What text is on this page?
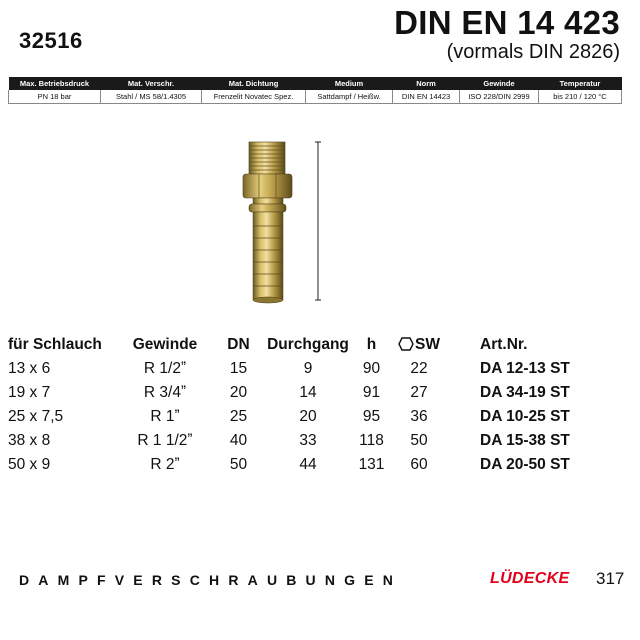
32516	DIN EN 14 423
(vormals DIN 2826)
Max. Betriebsdruck	Mat. Verschr.	Mat. Dichtung	Medium	Norm	Gewinde	Temperatur
PN 18 bar	Stahl / MS 58/1.4305	Frenzelit Novatec Spez.	Sattdampf / Heißw.	DIN EN 14423	ISO 228/DIN 2999	bis 210 / 120 °C
für Schlauch	Gewinde	DN	Durchgang	h	SW		Art.Nr.
13 x 6	R 1/2ˮ	15	9	90	22		DA 12-13 ST
19 x 7	R 3/4ˮ	20	14	91	27		DA 34-19 ST
25 x 7,5	R 1ˮ	25	20	95	36		DA 10-25 ST
38 x 8	R 1 1/2ˮ	40	33	118	50		DA 15-38 ST
50 x 9	R 2ˮ	50	44	131	60		DA 20-50 ST
DAMPFVERSCHRAUBUNGEN	LÜDECKE 317
